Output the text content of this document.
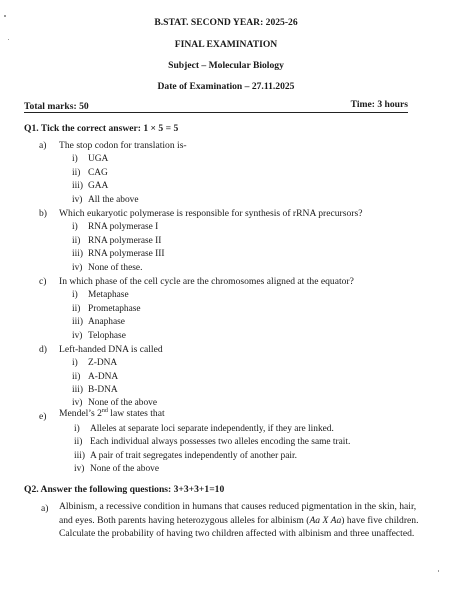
B.STAT. SECOND YEAR: 2025-26
FINAL EXAMINATION
Subject – Molecular Biology
Date of Examination – 27.11.2025
Total marks: 50	Time: 3 hours
Q1. Tick the correct answer: 1 × 5 = 5
a) The stop codon for translation is-
i) UGA
ii) CAG
iii) GAA
iv) All the above
b) Which eukaryotic polymerase is responsible for synthesis of rRNA precursors?
i) RNA polymerase I
ii) RNA polymerase II
iii) RNA polymerase III
iv) None of these.
c) In which phase of the cell cycle are the chromosomes aligned at the equator?
i) Metaphase
ii) Prometaphase
iii) Anaphase
iv) Telophase
d) Left-handed DNA is called
i) Z-DNA
ii) A-DNA
iii) B-DNA
iv) None of the above
e) Mendel’s 2nd law states that
i) Alleles at separate loci separate independently, if they are linked.
ii) Each individual always possesses two alleles encoding the same trait.
iii) A pair of trait segregates independently of another pair.
iv) None of the above
Q2. Answer the following questions: 3+3+3+1=10
a) Albinism, a recessive condition in humans that causes reduced pigmentation in the skin, hair, and eyes. Both parents having heterozygous alleles for albinism (Aa X Aa) have five children. Calculate the probability of having two children affected with albinism and three unaffected.
